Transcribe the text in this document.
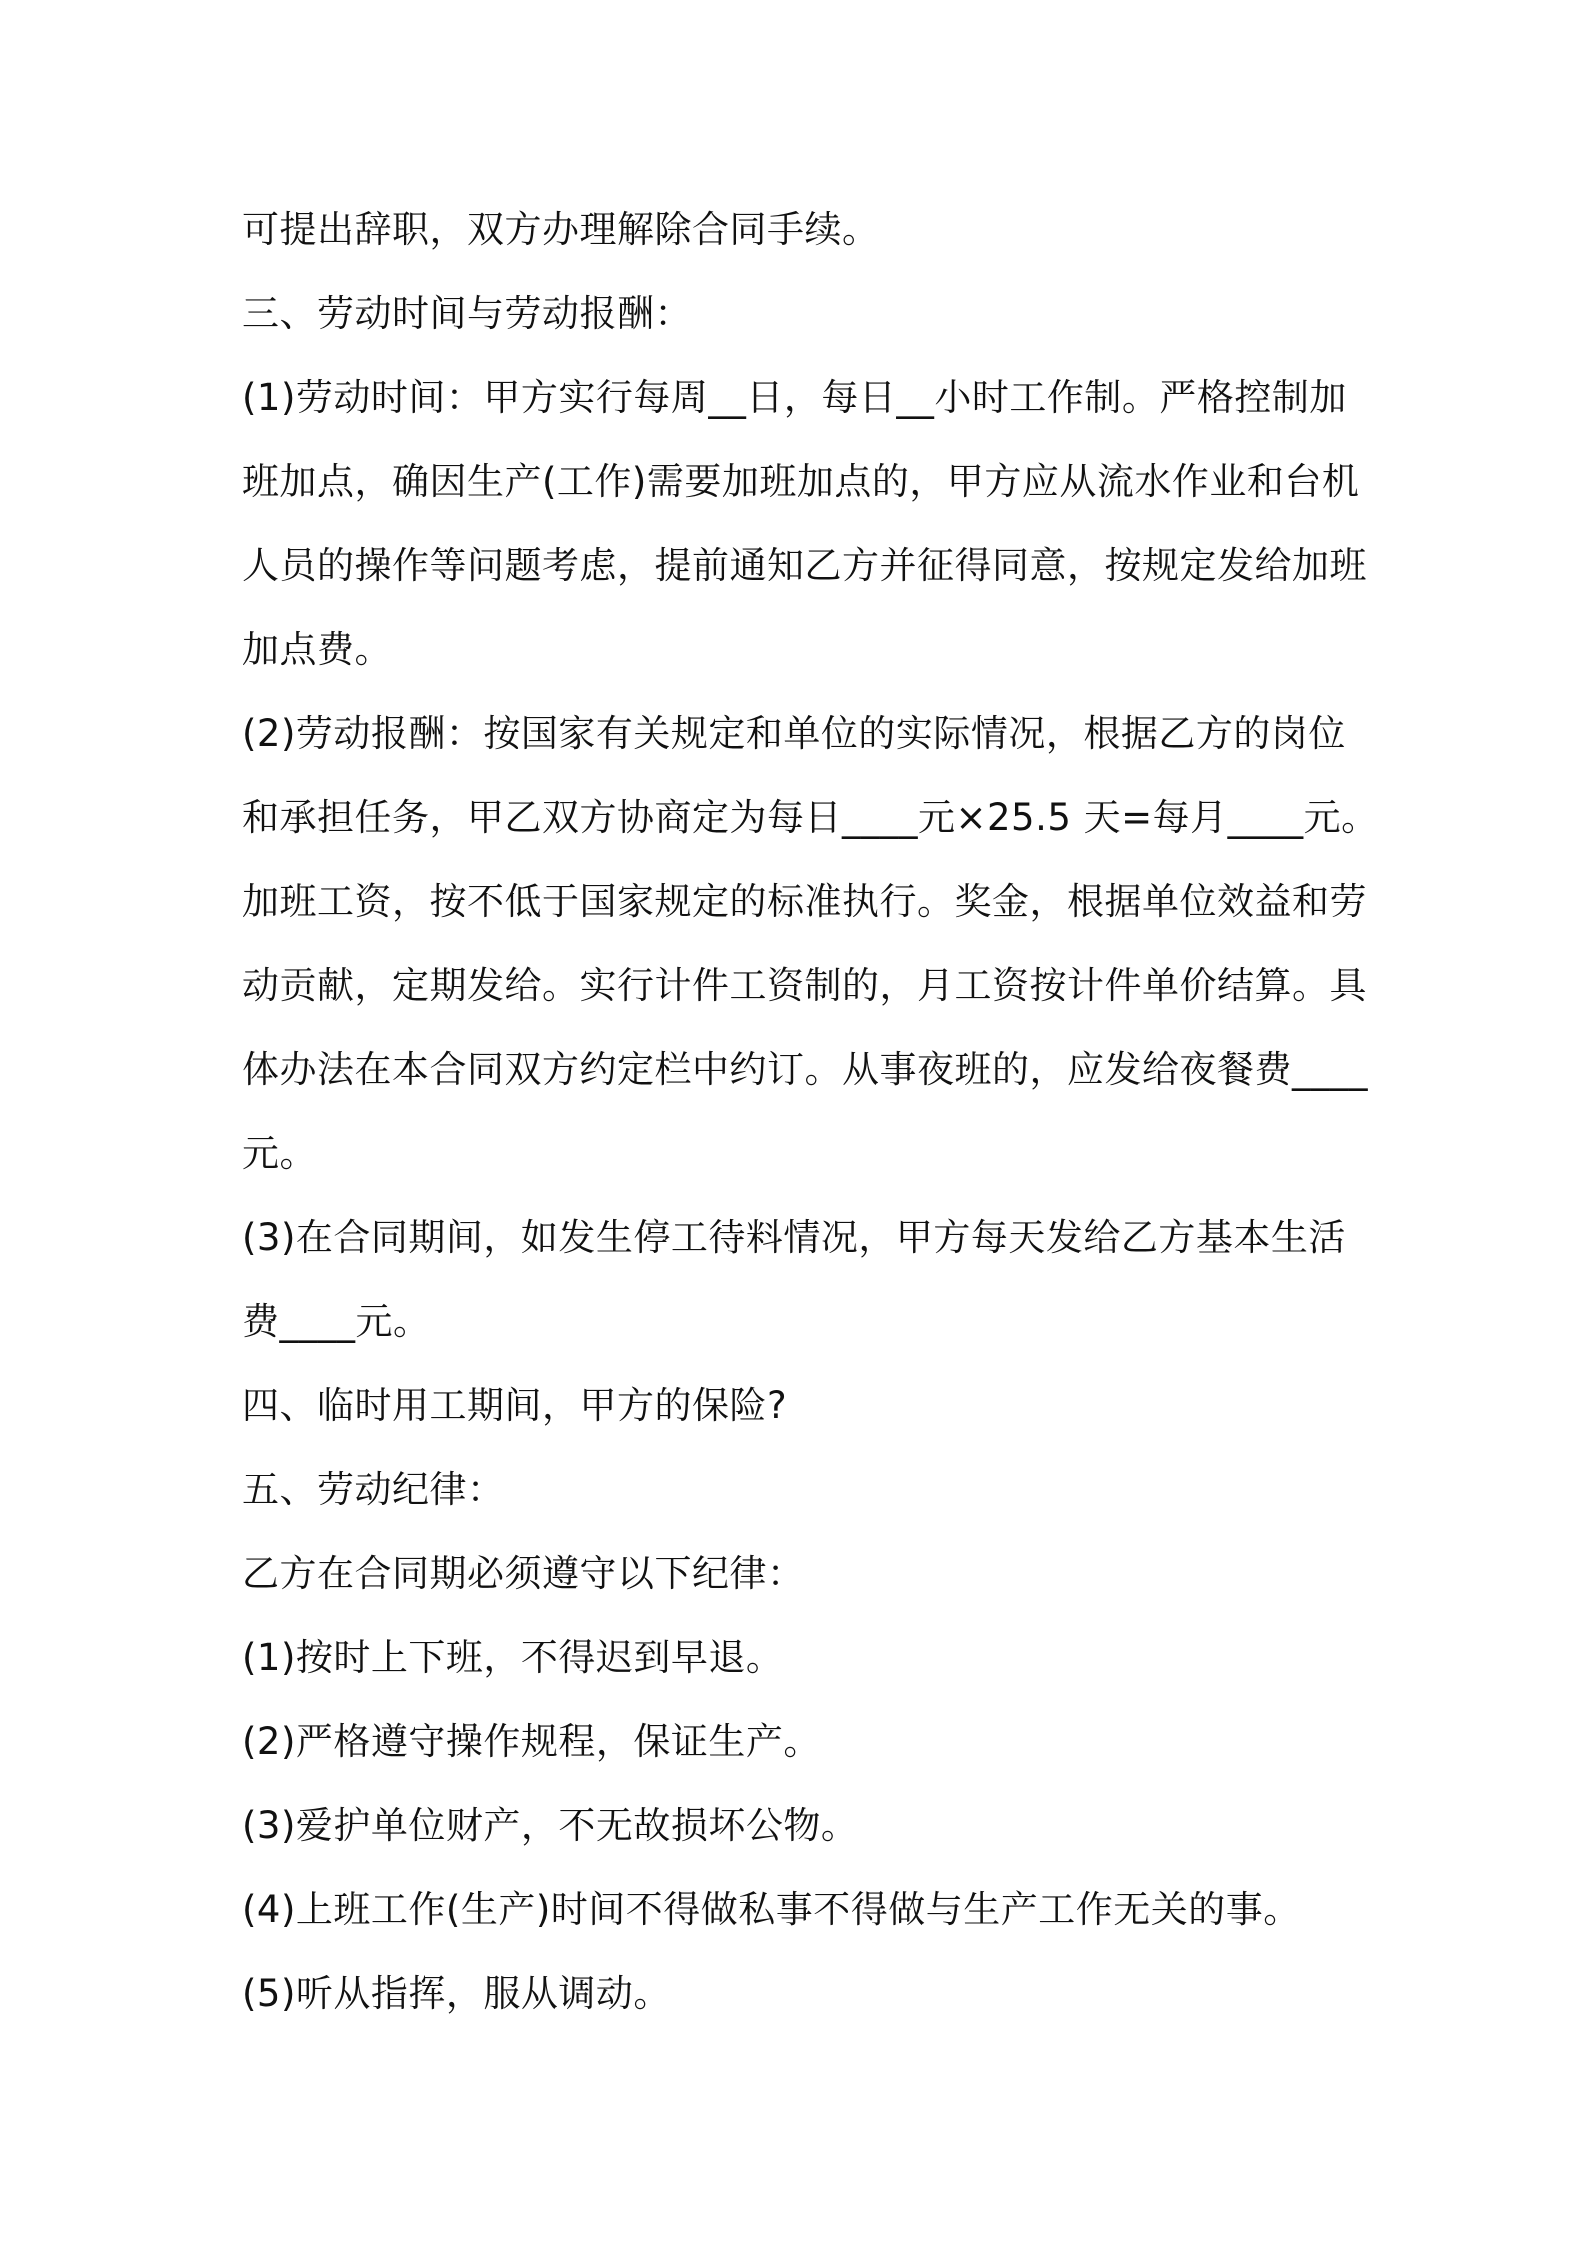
可提出辞职，双方办理解除合同手续。
三、劳动时间与劳动报酬：
(1)劳动时间：甲方实行每周__日，每日__小时工作制。严格控制加
班加点，确因生产(工作)需要加班加点的，甲方应从流水作业和台机
人员的操作等问题考虑，提前通知乙方并征得同意，按规定发给加班
加点费。
(2)劳动报酬：按国家有关规定和单位的实际情况，根据乙方的岗位
和承担任务，甲乙双方协商定为每日____元×25.5 天=每月____元。
加班工资，按不低于国家规定的标准执行。奖金，根据单位效益和劳
动贡献，定期发给。实行计件工资制的，月工资按计件单价结算。具
体办法在本合同双方约定栏中约订。从事夜班的，应发给夜餐费____
元。
(3)在合同期间，如发生停工待料情况，甲方每天发给乙方基本生活
费____元。
四、临时用工期间，甲方的保险?
五、劳动纪律：
乙方在合同期必须遵守以下纪律：
(1)按时上下班，不得迟到早退。
(2)严格遵守操作规程，保证生产。
(3)爱护单位财产，不无故损坏公物。
(4)上班工作(生产)时间不得做私事不得做与生产工作无关的事。
(5)听从指挥，服从调动。
